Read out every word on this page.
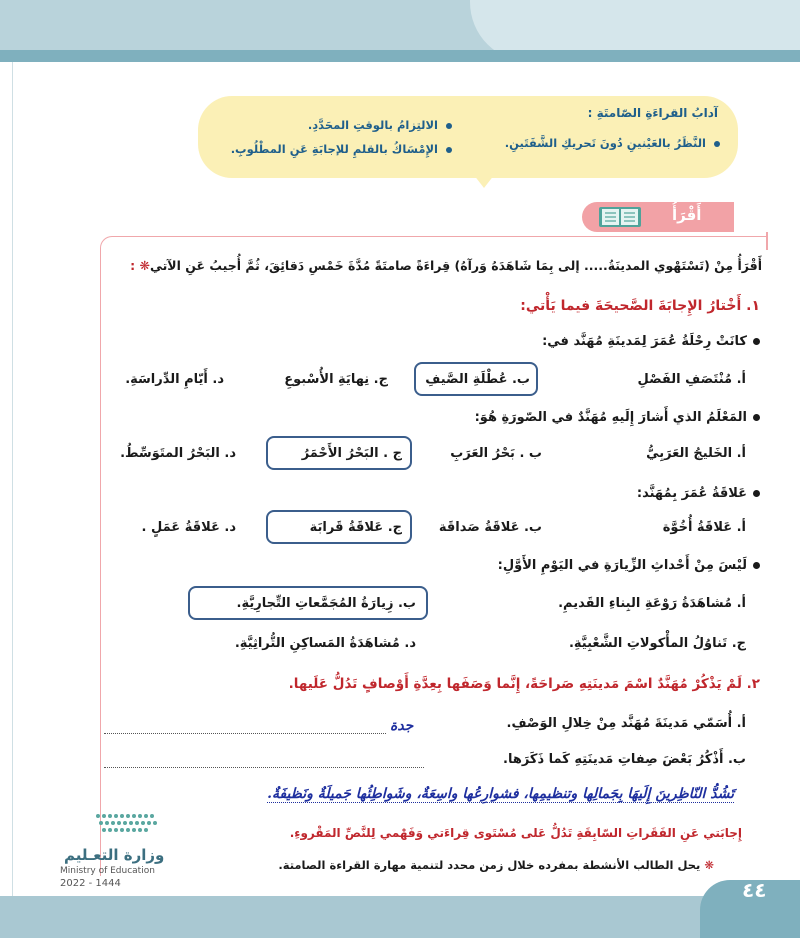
آدابُ القراءَةِ الصّامتَةِ :
النَّظَرُ بالعَيْنينِ دُونَ تَحريكِ الشَّفَتَينِ.
الالتِزامُ بالوقتِ المحَدَّدِ.
الإِمْسَاكُ بالقلمِ للإجابَةِ عَنِ المطْلُوبِ.
أَقْرَأُ
أَقْرَأُ مِنْ (تَسْتَهْوي المدينَةُ..... إلى بِمَا شَاهَدَهُ وَرآهُ) قِراءَةً صامتَةً مُدَّةَ خَمْسِ دَقائِقَ، ثُمَّ أُجيبُ عَنِ الآتي❋ :
١. أَخْتارُ الإِجابَةَ الصَّحيحَةَ فيما يَأْتي:
كانَتْ رِحْلَةُ عُمَرَ لِمَدينَةِ مُهَنَّد في:
أ. مُنْتَصَفِ الفَصْلِ
ب. عُطْلَةِ الصَّيفِ
ج. نِهايَةِ الأُسْبوعِ
د. أَيّامِ الدِّراسَةِ.
المَعْلَمُ الذي أَشارَ إِلَيهِ مُهَنَّدٌ في الصّورَةِ هُوَ:
أ. الخَليجُ العَرَبِيُّ
ب . بَحْرُ العَرَبِ
ج . البَحْرُ الأَحْمَرُ
د. البَحْرُ المتَوَسِّطُ.
عَلاقَةُ عُمَرَ بِمُهَنَّد:
أ. عَلاقَةُ أُخُوَّة
ب. عَلاقَةُ صَداقَة
ج. عَلاقَةُ قَرابَة
د. عَلاقَةُ عَمَلٍ .
لَيْسَ مِنْ أَحْداثِ الزِّيارَةِ في اليَوْمِ الأَوَّلِ:
أ. مُشاهَدَةُ رَوْعَةِ البِناءِ القَديمِ.
ب. زِيارَةُ المُجَمَّعاتِ التِّجارِيَّةِ.
ج. تَناوُلُ المأْكولاتِ الشَّعْبِيَّةِ.
د. مُشاهَدَةُ المَساكِنِ التُّراثِيَّةِ.
٢. لَمْ يَذْكُرْ مُهَنَّدٌ اسْمَ مَدينَتِهِ صَراحَةً، إِنَّما وَصَفَها بِعِدَّةِ أَوْصافٍ تَدُلُّ عَلَيها.
أ. أُسَمّي مَدينَةَ مُهَنَّد مِنْ خِلالِ الوَصْفِ.
جدة
ب. أَذْكُرُ بَعْضَ صِفاتِ مَدينَتِهِ كَما ذَكَرَها.
تَشُدُّ النّاظِرينَ إِلَيهَا بِجَمالِها وتنظيمِها، فشوارِعُها واسِعَةٌ، وشَواطِئُها جَميلَةٌ ونَظيفَةٌ.
إِجابَتي عَنِ الفَقَراتِ السّابِقَةِ تَدُلُّ عَلى مُسْتَوى قِراءَتي وَفَهْمي لِلنَّصِّ المَقْروءِ.
❋ يحل الطالب الأنشطة بمفرده خلال زمن محدد لتنمية مهارة القراءة الصامتة.
وزارة التعـليم
Ministry of Education
2022 - 1444	٤٤
